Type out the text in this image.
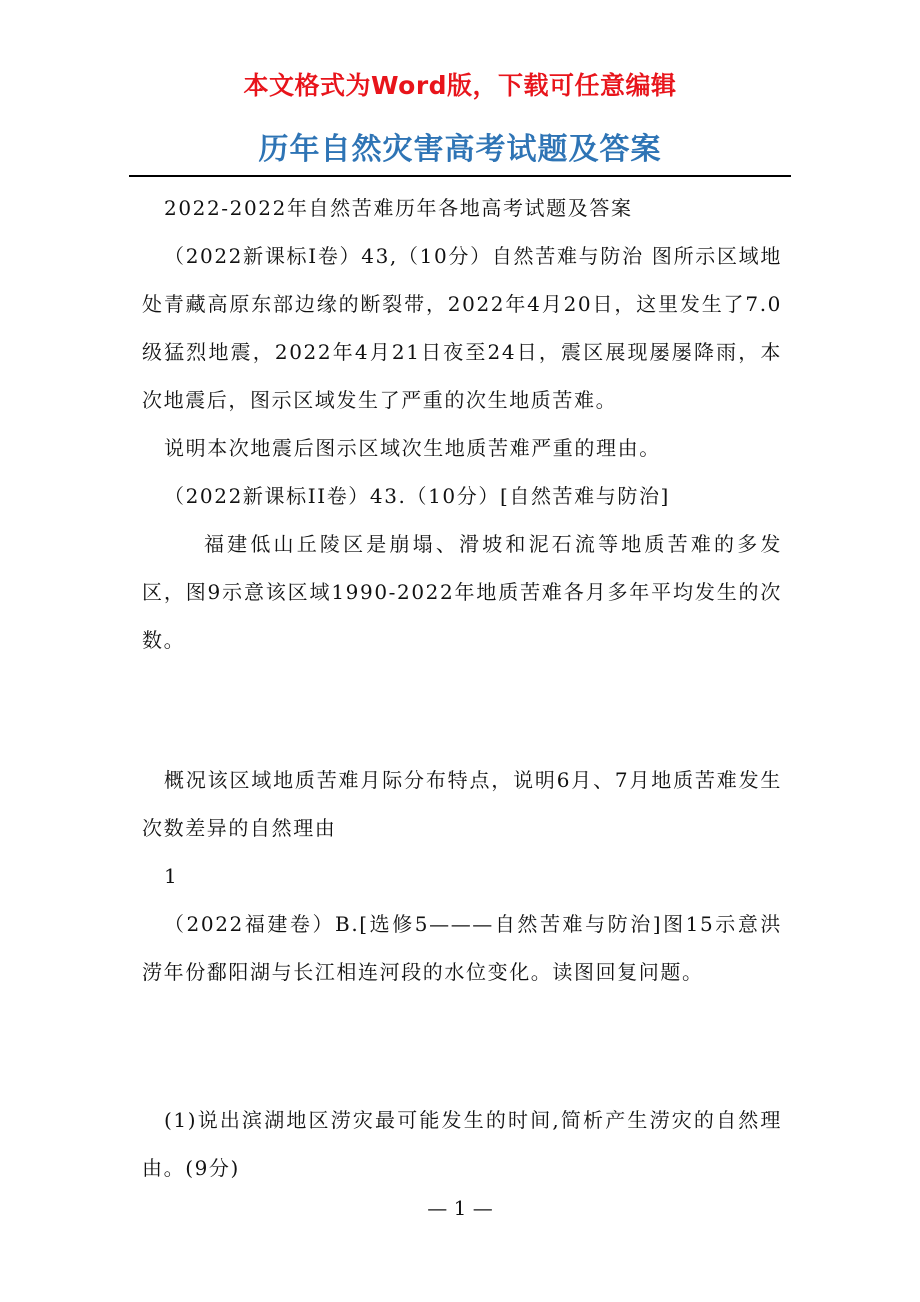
本文格式为Word版，下载可任意编辑
历年自然灾害高考试题及答案

2022-2022年自然苦难历年各地高考试题及答案

（2022新课标I卷）43,（10分）自然苦难与防治 图所示区域地处青藏高原东部边缘的断裂带，2022年4月20日，这里发生了7.0级猛烈地震，2022年4月21日夜至24日，震区展现屡屡降雨，本次地震后，图示区域发生了严重的次生地质苦难。

说明本次地震后图示区域次生地质苦难严重的理由。

（2022新课标II卷）43.（10分）[自然苦难与防治]

福建低山丘陵区是崩塌、滑坡和泥石流等地质苦难的多发区，图9示意该区域1990-2022年地质苦难各月多年平均发生的次数。

概况该区域地质苦难月际分布特点，说明6月、7月地质苦难发生次数差异的自然理由

1

（2022福建卷）B.[选修5———自然苦难与防治]图15示意洪涝年份鄱阳湖与长江相连河段的水位变化。读图回复问题。

(1)说出滨湖地区涝灾最可能发生的时间,简析产生涝灾的自然理由。(9分)

— 1 —
